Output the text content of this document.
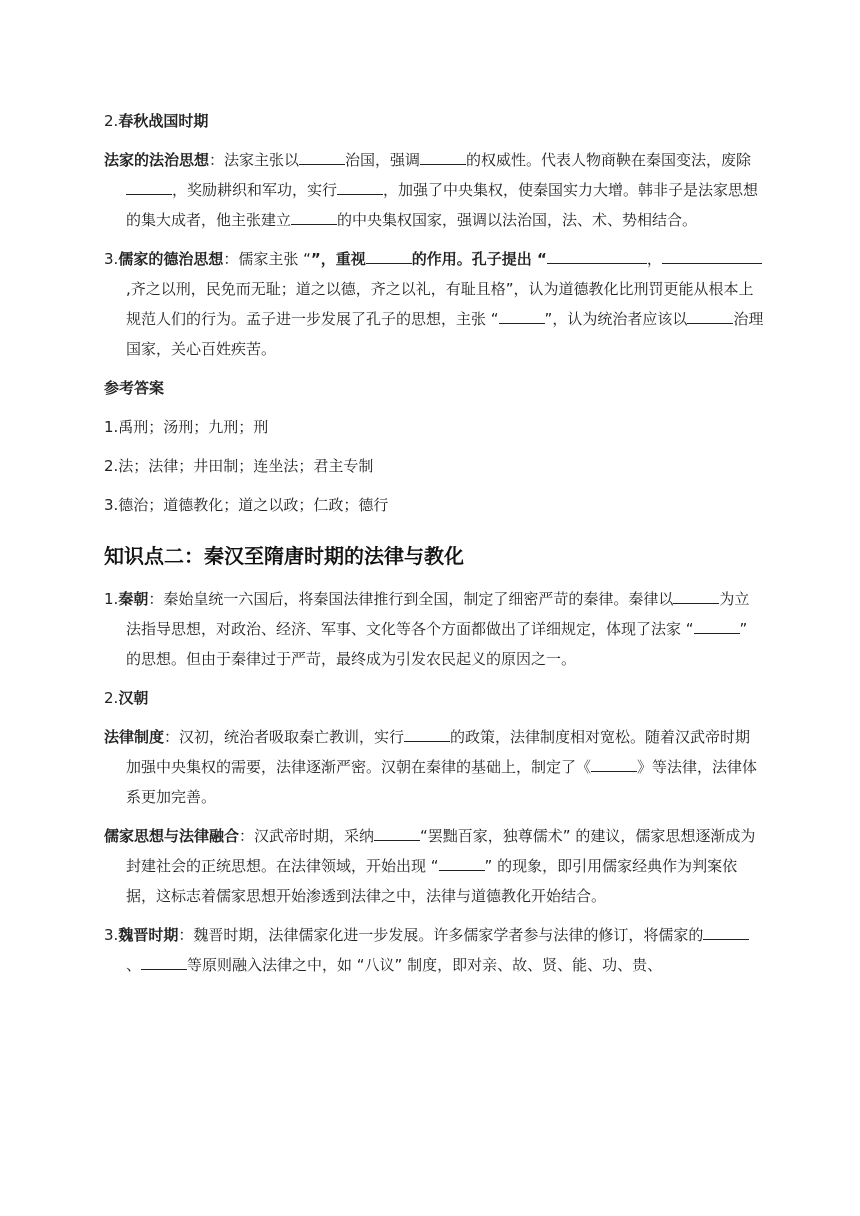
2.春秋战国时期

法家的法治思想：法家主张以	治国，强调	的权威性。代表人物商鞅在秦国变法，废除，奖励耕织和军功，实行	，加强了中央集权，使秦国实力大增。韩非子是法家思想的集大成者，他主张建立	的中央集权国家，强调以法治国，法、术、势相结合。

3.儒家的德治思想：儒家主张 “”，重视	的作用。孔子提出 “	，,齐之以刑，民免而无耻；道之以德，齐之以礼，有耻且格”，认为道德教化比刑罚更能从根本上规范人们的行为。孟子进一步发展了孔子的思想，主张 “	”，认为统治者应该以	治理国家，关心百姓疾苦。

参考答案

1.禹刑；汤刑；九刑；刑

2.法；法律；井田制；连坐法；君主专制

3.德治；道德教化；道之以政；仁政；德行

知识点二：秦汉至隋唐时期的法律与教化

1.秦朝：秦始皇统一六国后，将秦国法律推行到全国，制定了细密严苛的秦律。秦律以	为立法指导思想，对政治、经济、军事、文化等各个方面都做出了详细规定，体现了法家 “	” 的思想。但由于秦律过于严苛，最终成为引发农民起义的原因之一。

2.汉朝

法律制度：汉初，统治者吸取秦亡教训，实行	的政策，法律制度相对宽松。随着汉武帝时期加强中央集权的需要，法律逐渐严密。汉朝在秦律的基础上，制定了《	》等法律，法律体系更加完善。

儒家思想与法律融合：汉武帝时期，采纳	“罢黜百家，独尊儒术” 的建议，儒家思想逐渐成为封建社会的正统思想。在法律领域，开始出现 “	” 的现象，即引用儒家经典作为判案依据，这标志着儒家思想开始渗透到法律之中，法律与道德教化开始结合。

3.魏晋时期：魏晋时期，法律儒家化进一步发展。许多儒家学者参与法律的修订，将儒家的、	等原则融入法律之中，如 “八议” 制度，即对亲、故、贤、能、功、贵、
